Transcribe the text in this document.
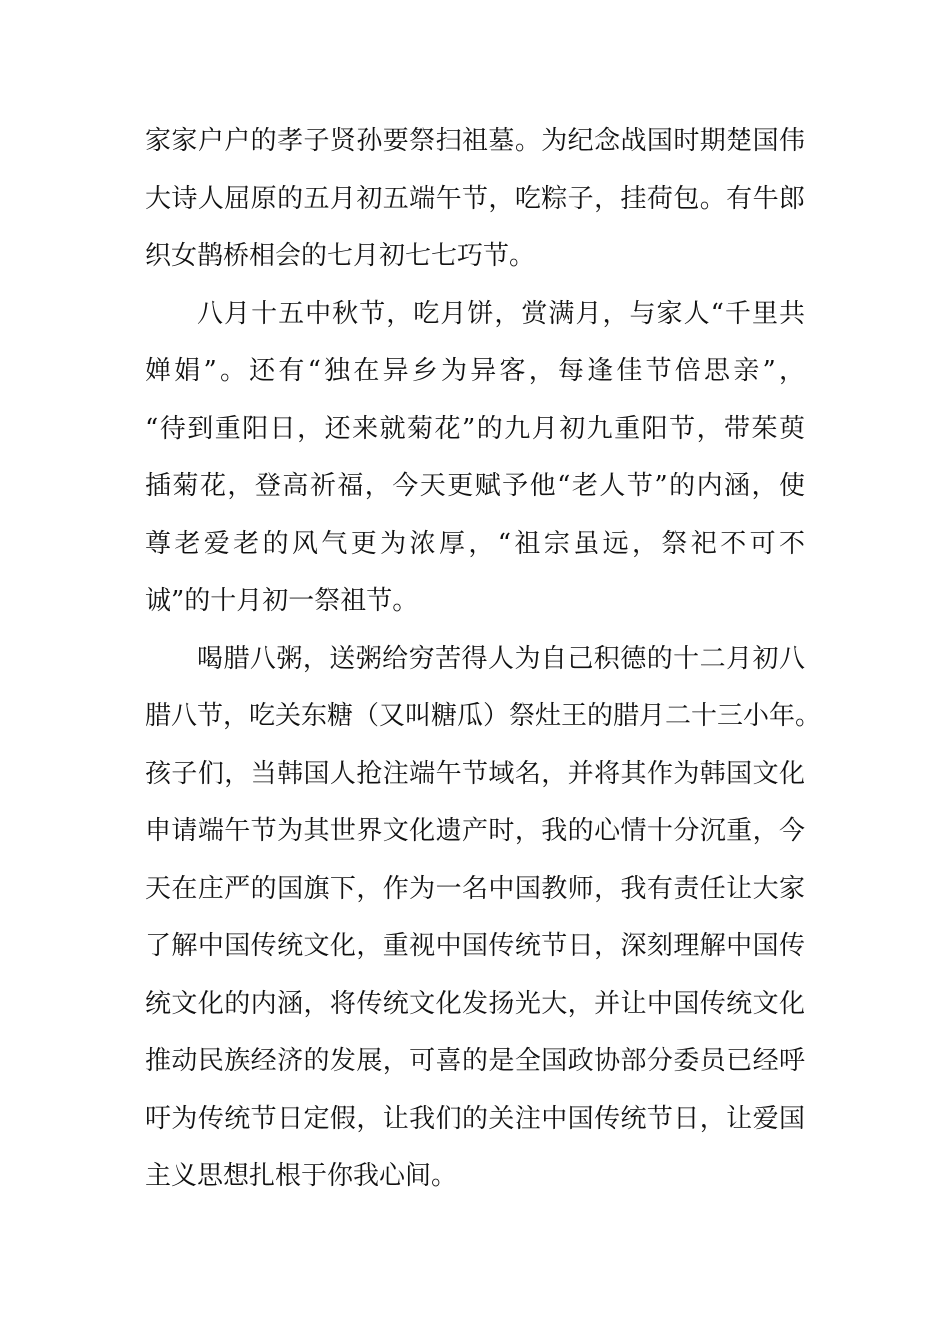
家家户户的孝子贤孙要祭扫祖墓。为纪念战国时期楚国伟
大诗人屈原的五月初五端午节，吃粽子，挂荷包。有牛郎
织女鹊桥相会的七月初七七巧节。
八月十五中秋节，吃月饼，赏满月，与家人“千里共
婵娟”。还有“独在异乡为异客，每逢佳节倍思亲”，
“待到重阳日，还来就菊花”的九月初九重阳节，带茱萸
插菊花，登高祈福，今天更赋予他“老人节”的内涵，使
尊老爱老的风气更为浓厚，“祖宗虽远，祭祀不可不
诚”的十月初一祭祖节。
喝腊八粥，送粥给穷苦得人为自己积德的十二月初八
腊八节，吃关东糖（又叫糖瓜）祭灶王的腊月二十三小年。
孩子们，当韩国人抢注端午节域名，并将其作为韩国文化
申请端午节为其世界文化遗产时，我的心情十分沉重，今
天在庄严的国旗下，作为一名中国教师，我有责任让大家
了解中国传统文化，重视中国传统节日，深刻理解中国传
统文化的内涵，将传统文化发扬光大，并让中国传统文化
推动民族经济的发展，可喜的是全国政协部分委员已经呼
吁为传统节日定假，让我们的关注中国传统节日，让爱国
主义思想扎根于你我心间。
